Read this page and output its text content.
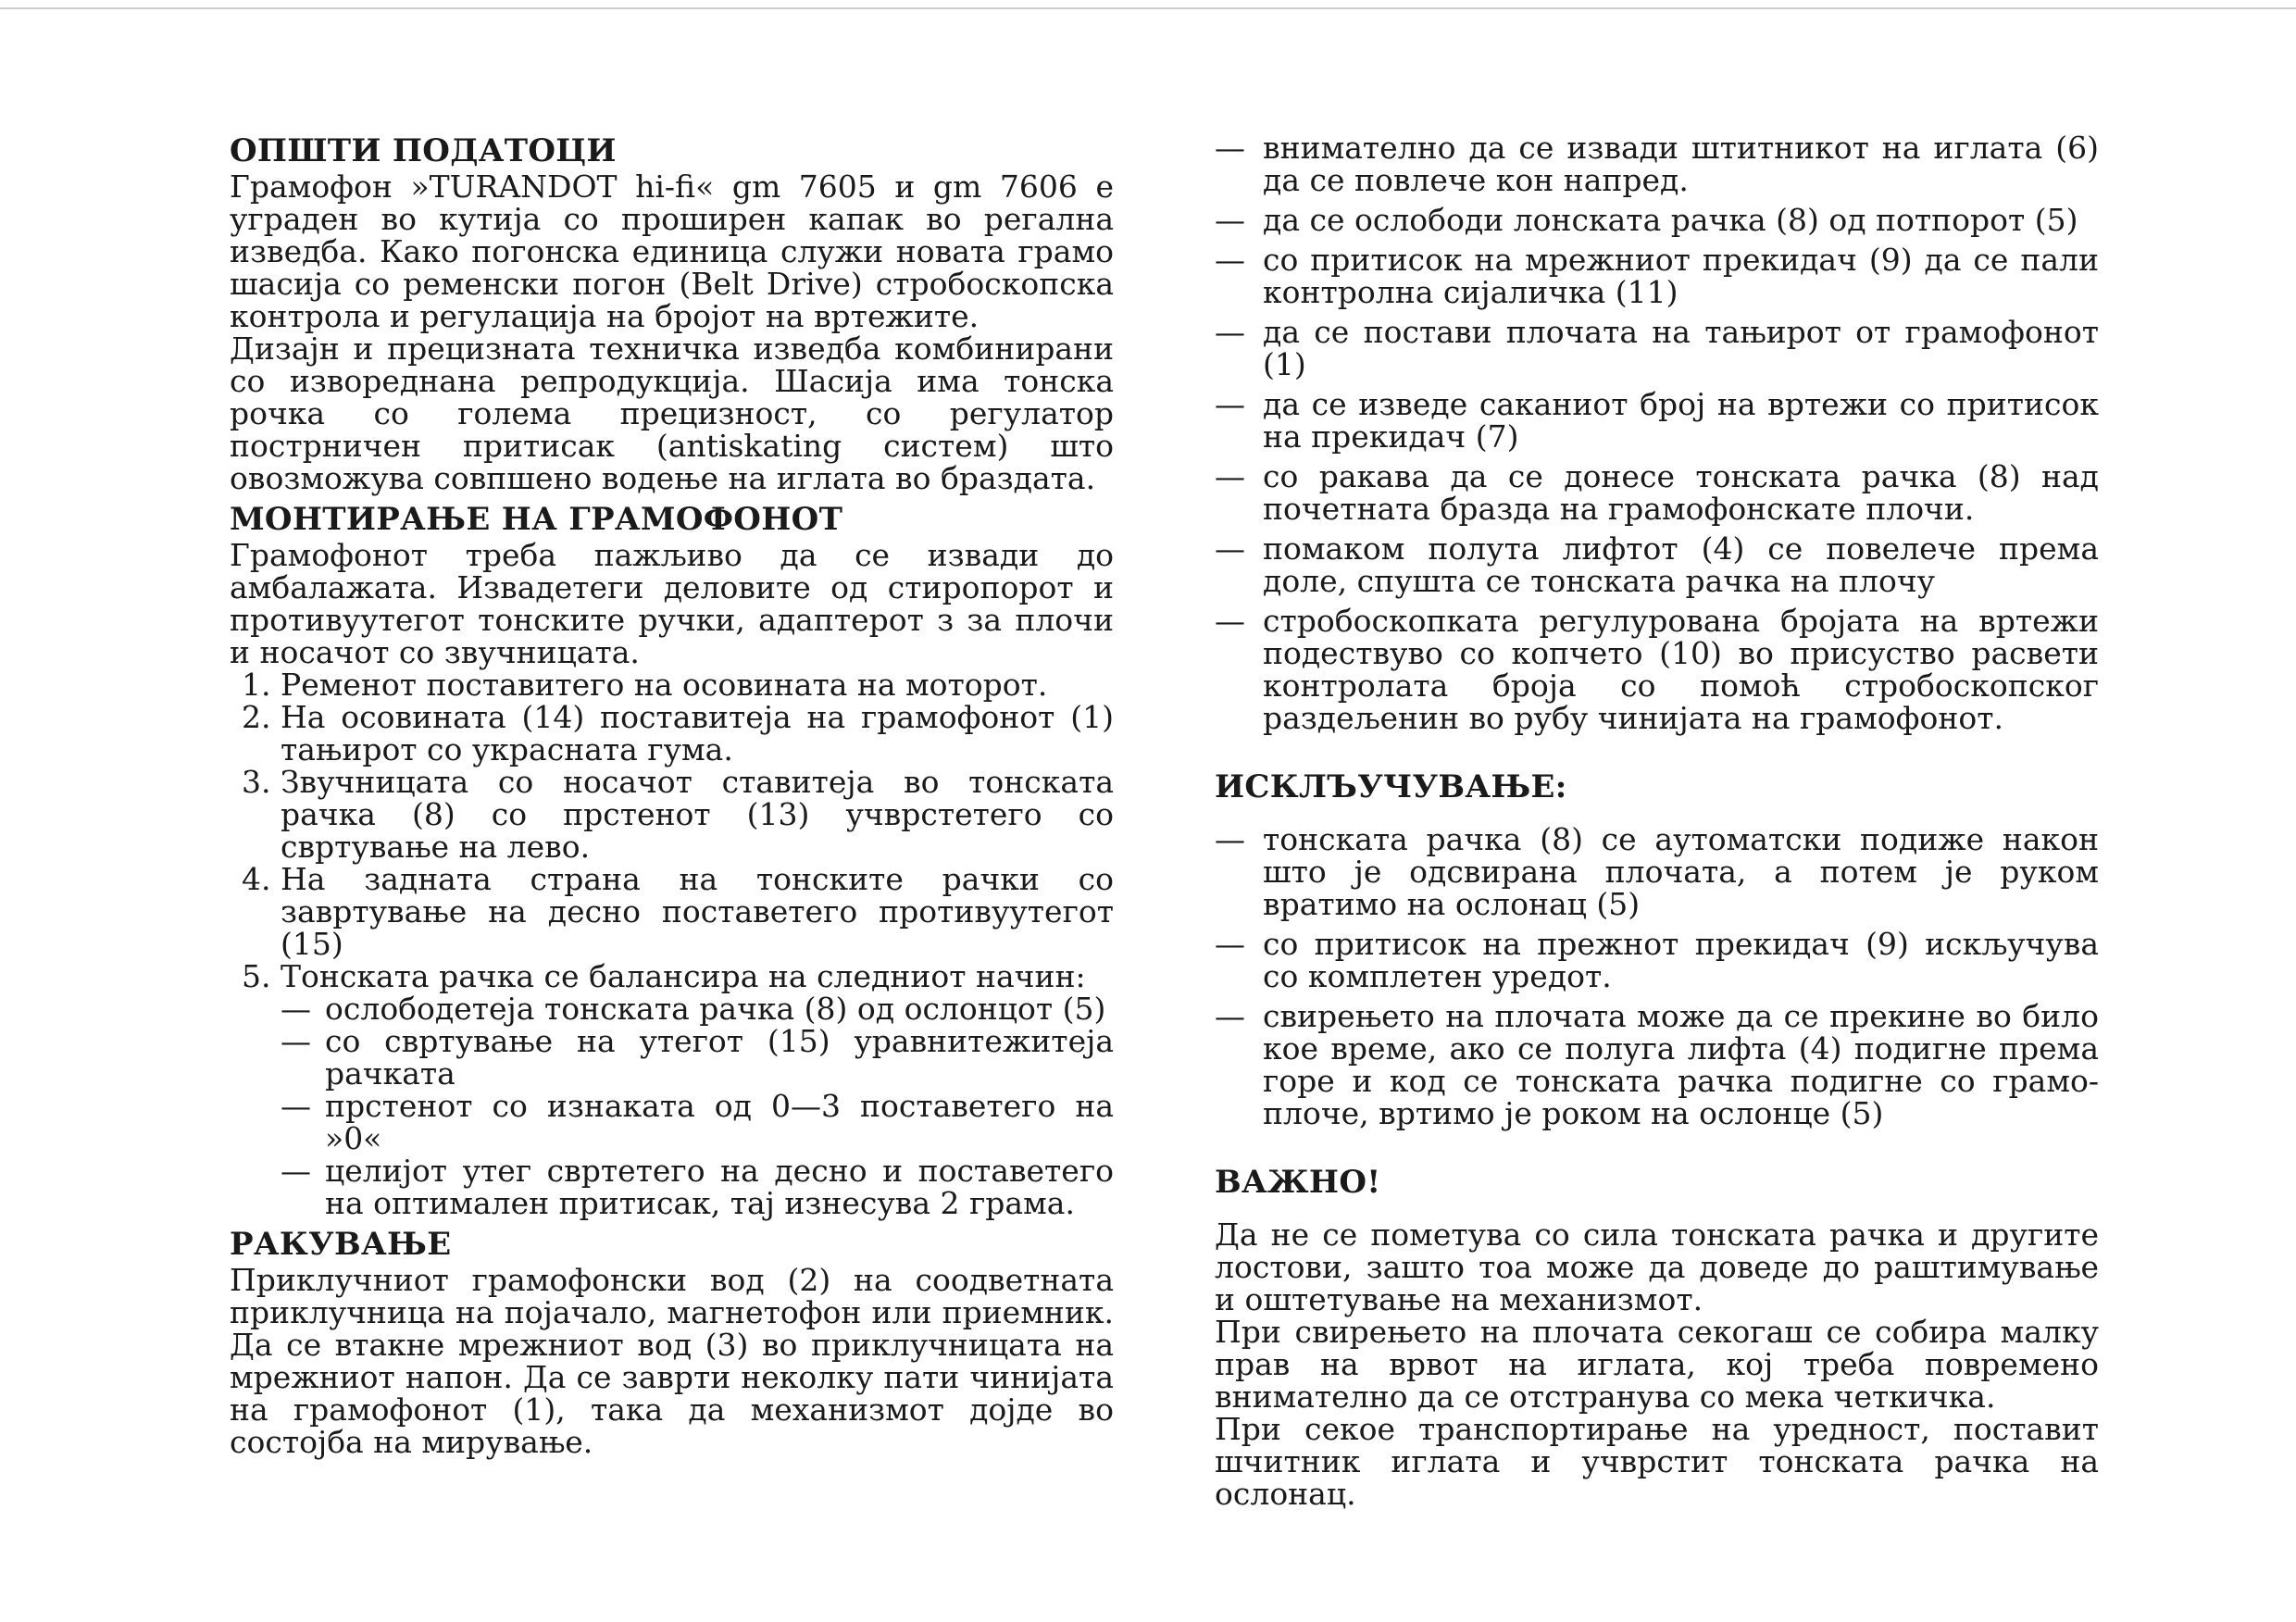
ОПШТИ ПОДАТОЦИ

Грамофон »TURANDOT hi-fi« gm 7605 и gm 7606 е уграден во кутија со проширен капак во регална изведба. Како погонска единица служи новата грамо шасија со ременски погон (Belt Drive) стробоскопска контрола и регулација на бројот на вртежите.

Дизајн и прецизната техничка изведба комбинирани со извореднана репродукција. Шасија има тонска рочка со голема прецизност, со регулатор пострничен притисак (antiskating систем) што овозможува совпшено водење на иглата во браздата.

МОНТИРАЊЕ НА ГРАМОФОНОТ

Грамофонот треба пажљиво да се извади до амбалажата. Извадетеги деловите од стиропорот и противуутегот тонските ручки, адаптерот з за плочи и носачот со звучницата.

1. Ременот поставитего на осовината на моторот.
2. На осовината (14) поставитеја на грамофонот (1) тањирот со украсната гума.
3. Звучницата со носачот ставитеја во тонската рачка (8) со прстенот (13) учврстетего со свртување на лево.
4. На задната страна на тонските рачки со завртување на десно поставетего противуутегот (15)
5. Тонската рачка се балансира на следниот начин:
— ослободетеја тонската рачка (8) од ослонцот (5)
— со свртување на утегот (15) уравнитежитеја рачката
— прстенот со изнаката од 0—3 поставетего на »0«
— целијот утег свртетего на десно и поставетего на оптимален притисак, тај изнесува 2 грама.
РАКУВАЊЕ

Приклучниот грамофонски вод (2) на соодветната приклучница на појачало, магнетофон или приемник. Да се втакне мрежниот вод (3) во приклучницата на мрежниот напон. Да се заврти неколку пати чинијата на грамофонот (1), така да механизмот дојде во состојба на мирување.

— внимателно да се извади штитникот на иглата (6) да се повлече кон напред.
— да се ослободи лонската рачка (8) од потпорот (5)
— со притисок на мрежниот прекидач (9) да се пали контролна сијаличка (11)
— да се постави плочата на тањирот от грамофонот (1)
— да се изведе саканиот број на вртежи со притисок на прекидач (7)
— со ракава да се донесе тонската рачка (8) над почетната бразда на грамофонскате плочи.
— помаком полута лифтот (4) се повелече према доле, спушта се тонската рачка на плочу
— стробоскопката регулурована бројата на вртежи подествуво со копчето (10) во присуство расвети контролата броја со помоћ стробоскопског раздељенин во рубу чинијата на грамофонот.
ИСКЛЪУЧУВАЊЕ:
— тонската рачка (8) се аутоматски подиже након што је одсвирана плочата, а потем је руком вратимо на ослонац (5)
— со притисок на прежнот прекидач (9) искључува со комплетен уредот.
— свирењето на плочата може да се прекине во било кое време, ако се полуга лифта (4) подигне према горе и код се тонската рачка подигне со грамо-плоче, вртимо је роком на ослонце (5)
ВАЖНО!

Да не се пометува со сила тонската рачка и другите лостови, зашто тоа може да доведе до раштимување и оштетување на механизмот.

При свирењето на плочата секогаш се собира малку прав на врвот на иглата, кој треба повремено внимателно да се отстранува со мека четкичка.

При секое транспортирање на уредност, поставит шчитник иглата и учврстит тонската рачка на ослонац.
